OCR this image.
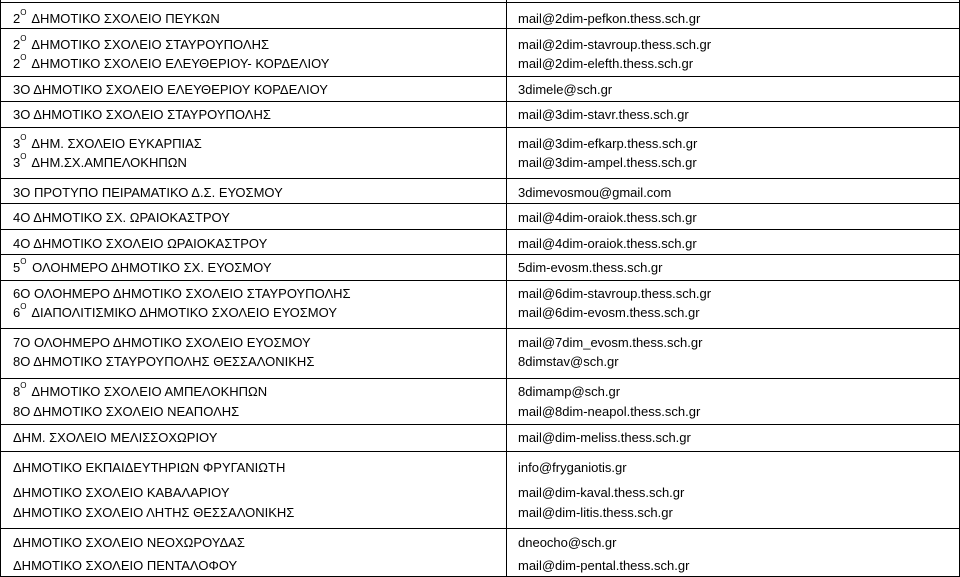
$2^O$ ΔΗΜΟΤΙΚΟ ΣΧΟΛΕΙΟ ΠΕΥΚΩΝ	mail@2dim-pefkon.thess.sch.gr
$2^O$ ΔΗΜΟΤΙΚΟ ΣΧΟΛΕΙΟ ΣΤΑΥΡΟΥΠΟΛΗΣ	mail@2dim-stavroup.thess.sch.gr
$2^O$ ΔΗΜΟΤΙΚΟ ΣΧΟΛΕΙΟ ΕΛΕΥΘΕΡΙΟΥ- ΚΟΡΔΕΛΙΟΥ	mail@2dim-elefth.thess.sch.gr
3Ο ΔΗΜΟΤΙΚΟ ΣΧΟΛΕΙΟ ΕΛΕΥΘΕΡΙΟΥ ΚΟΡΔΕΛΙΟΥ	3dimele@sch.gr
3Ο ΔΗΜΟΤΙΚΟ ΣΧΟΛΕΙΟ ΣΤΑΥΡΟΥΠΟΛΗΣ	mail@3dim-stavr.thess.sch.gr
$3^O$ ΔΗΜ. ΣΧΟΛΕΙΟ ΕΥΚΑΡΠΙΑΣ	mail@3dim-efkarp.thess.sch.gr
$3^O$ ΔΗΜ.ΣΧ.ΑΜΠΕΛΟΚΗΠΩΝ	mail@3dim-ampel.thess.sch.gr
3Ο ΠΡΟΤΥΠΟ ΠΕΙΡΑΜΑΤΙΚΟ Δ.Σ. ΕΥΟΣΜΟΥ	3dimevosmou@gmail.com
4Ο ΔΗΜΟΤΙΚΟ ΣΧ. ΩΡΑΙΟΚΑΣΤΡΟΥ	mail@4dim-oraiok.thess.sch.gr
4Ο ΔΗΜΟΤΙΚΟ ΣΧΟΛΕΙΟ ΩΡΑΙΟΚΑΣΤΡΟΥ	mail@4dim-oraiok.thess.sch.gr
$5^O$ ΟΛΟΗΜΕΡΟ ΔΗΜΟΤΙΚΟ ΣΧ. ΕΥΟΣΜΟΥ	5dim-evosm.thess.sch.gr
6Ο ΟΛΟΗΜΕΡΟ ΔΗΜΟΤΙΚΟ ΣΧΟΛΕΙΟ ΣΤΑΥΡΟΥΠΟΛΗΣ	mail@6dim-stavroup.thess.sch.gr
$6^O$ ΔΙΑΠΟΛΙΤΙΣΜΙΚΟ ΔΗΜΟΤΙΚΟ ΣΧΟΛΕΙΟ ΕΥΟΣΜΟΥ	mail@6dim-evosm.thess.sch.gr
7Ο ΟΛΟΗΜΕΡΟ ΔΗΜΟΤΙΚΟ ΣΧΟΛΕΙΟ ΕΥΟΣΜΟΥ	mail@7dim_evosm.thess.sch.gr
8Ο ΔΗΜΟΤΙΚΟ ΣΤΑΥΡΟΥΠΟΛΗΣ ΘΕΣΣΑΛΟΝΙΚΗΣ	8dimstav@sch.gr
$8^O$ ΔΗΜΟΤΙΚΟ ΣΧΟΛΕΙΟ ΑΜΠΕΛΟΚΗΠΩΝ	8dimamp@sch.gr
8Ο ΔΗΜΟΤΙΚΟ ΣΧΟΛΕΙΟ ΝΕΑΠΟΛΗΣ	mail@8dim-neapol.thess.sch.gr
ΔΗΜ. ΣΧΟΛΕΙΟ ΜΕΛΙΣΣΟΧΩΡΙΟΥ	mail@dim-meliss.thess.sch.gr
ΔΗΜΟΤΙΚΟ ΕΚΠΑΙΔΕΥΤΗΡΙΩΝ ΦΡΥΓΑΝΙΩΤΗ	info@fryganiotis.gr
ΔΗΜΟΤΙΚΟ ΣΧΟΛΕΙΟ ΚΑΒΑΛΑΡΙΟΥ	mail@dim-kaval.thess.sch.gr
ΔΗΜΟΤΙΚΟ ΣΧΟΛΕΙΟ ΛΗΤΗΣ ΘΕΣΣΑΛΟΝΙΚΗΣ	mail@dim-litis.thess.sch.gr
ΔΗΜΟΤΙΚΟ ΣΧΟΛΕΙΟ ΝΕΟΧΩΡΟΥΔΑΣ	dneocho@sch.gr
ΔΗΜΟΤΙΚΟ ΣΧΟΛΕΙΟ ΠΕΝΤΑΛΟΦΟΥ	mail@dim-pental.thess.sch.gr
